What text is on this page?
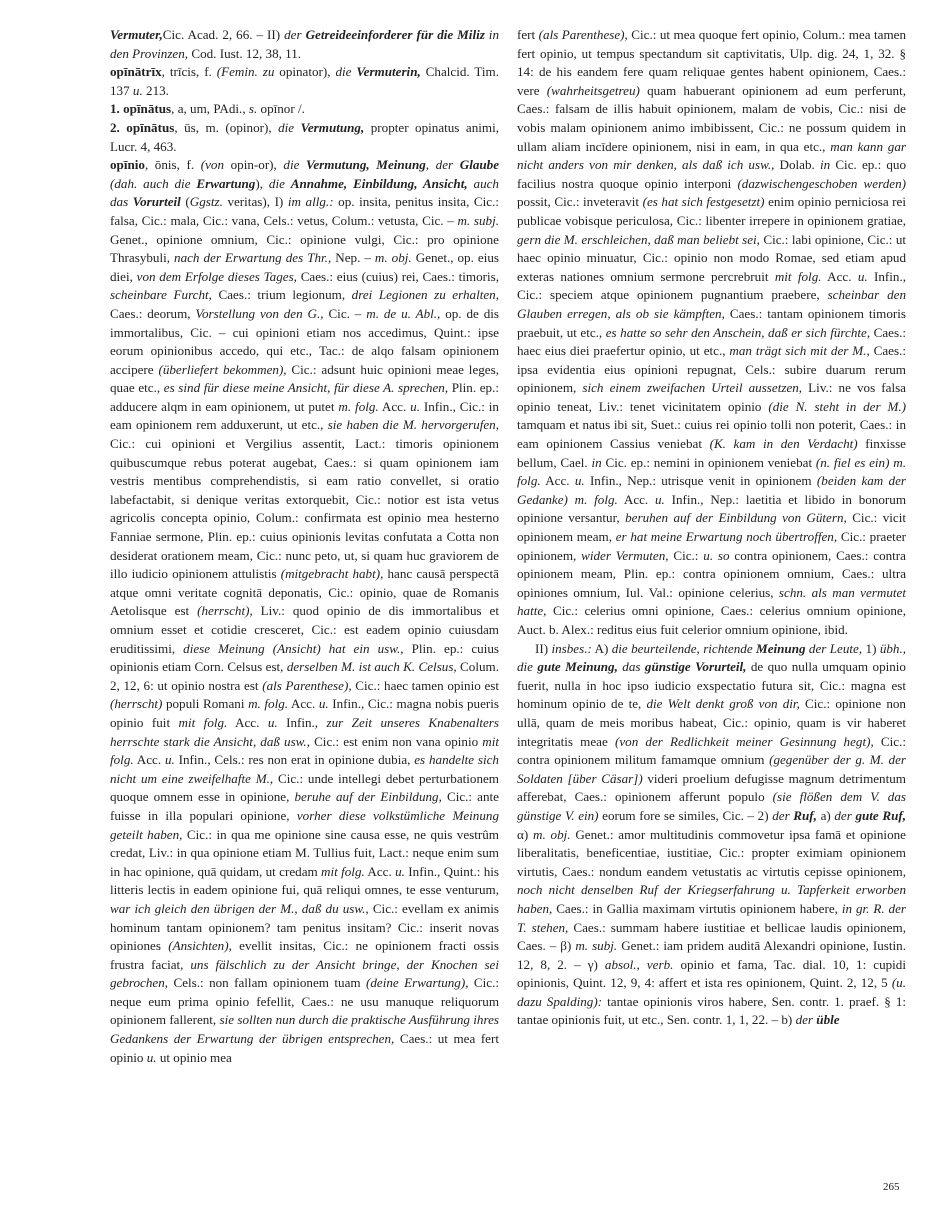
Vermuter,Cic. Acad. 2, 66. – II) der Getreideeinforderer für die Miliz in den Provinzen, Cod. Iust. 12, 38, 11.

opīnātrīx, trīcis, f. (Femin. zu opinator), die Vermuterin, Chalcid. Tim. 137 u. 213.

1. opīnātus, a, um, PAdi., s. opīnor /.

2. opīnātus, ūs, m. (opinor), die Vermutung, propter opinatus animi, Lucr. 4, 463.

opīnio, ōnis, f. (von opin-or), die Vermutung, Meinung, der Glaube (dah. auch die Erwartung), die Annahme, Einbildung, Ansicht, auch das Vorurteil (Ggstz. veritas), I) im allg.: op. insita, penitus insita, Cic.: falsa, Cic.: mala, Cic.: vana, Cels.: vetus, Colum.: vetusta, Cic. – m. subj. Genet., opinione omnium, Cic.: opinione vulgi, Cic.: pro opinione Thrasybuli, nach der Erwartung des Thr., Nep. – m. obj. Genet., op. eius diei, von dem Erfolge dieses Tages, Caes.: eius (cuius) rei, Caes.: timoris, scheinbare Furcht, Caes.: trium legionum, drei Legionen zu erhalten, Caes.: deorum, Vorstellung von den G., Cic. – m. de u. Abl., op. de dis immortalibus, Cic. – cui opinioni etiam nos accedimus, Quint.: ipse eorum opinionibus accedo, qui etc., Tac.: de alqo falsam opinionem accipere (überliefert bekommen), Cic.: adsunt huic opinioni meae leges, quae etc., es sind für diese meine Ansicht, für diese A. sprechen, Plin. ep.: adducere alqm in eam opinionem, ut putet m. folg. Acc. u. Infin., Cic.: in eam opinionem rem adduxerunt, ut etc., sie haben die M. hervorgerufen, Cic.: cui opinioni et Vergilius assentit, Lact.: timoris opinionem quibuscumque rebus poterat augebat, Caes.: si quam opinionem iam vestris mentibus comprehendistis, si eam ratio convellet, si oratio labefactabit, si denique veritas extorquebit, Cic.: notior est ista vetus agricolis concepta opinio, Colum.: confirmata est opinio mea hesterno Fanniae sermone, Plin. ep.: cuius opinionis levitas confutata a Cotta non desiderat orationem meam, Cic.: nunc peto, ut, si quam huc graviorem de illo iudicio opinionem attulistis (mitgebracht habt), hanc causā perspectā atque omni veritate cognitā deponatis, Cic.: opinio, quae de Romanis Aetolisque est (herrscht), Liv.: quod opinio de dis immortalibus et omnium esset et cotidie cresceret, Cic.: est eadem opinio cuiusdam eruditissimi, diese Meinung (Ansicht) hat ein usw., Plin. ep.: cuius opinionis etiam Corn. Celsus est, derselben M. ist auch K. Celsus, Colum. 2, 12, 6: ut opinio nostra est (als Parenthese), Cic.: haec tamen opinio est (herrscht) populi Romani m. folg. Acc. u. Infin., Cic.: magna nobis pueris opinio fuit mit folg. Acc. u. Infin., zur Zeit unseres Knabenalters herrschte stark die Ansicht, daß usw., Cic.: est enim non vana opinio mit folg. Acc. u. Infin., Cels.: res non erat in opinione dubia, es handelte sich nicht um eine zweifelhafte M., Cic.: unde intellegi debet perturbationem quoque omnem esse in opinione, beruhe auf der Einbildung, Cic.: ante fuisse in illa populari opinione, vorher diese volkstümliche Meinung geteilt haben, Cic.: in qua me opinione sine causa esse, ne quis vestrûm credat, Liv.: in qua opinione etiam M. Tullius fuit, Lact.: neque enim sum in hac opinione, quā quidam, ut credam mit folg. Acc. u. Infin., Quint.: his litteris lectis in eadem opinione fui, quā reliqui omnes, te esse venturum, war ich gleich den übrigen der M., daß du usw., Cic.: evellam ex animis hominum tantam opinionem? tam penitus insitam? Cic.: inserit novas opiniones (Ansichten), evellit insitas, Cic.: ne opinionem fracti ossis frustra faciat, uns fälschlich zu der Ansicht bringe, der Knochen sei gebrochen, Cels.: non fallam opinionem tuam (deine Erwartung), Cic.: neque eum prima opinio fefellit, Caes.: ne usu manuque reliquorum opinionem fallerent, sie sollten nun durch die praktische Ausführung ihres Gedankens der Erwartung der übrigen entsprechen, Caes.: ut mea fert opinio u. ut opinio mea

fert (als Parenthese), Cic.: ut mea quoque fert opinio, Colum.: mea tamen fert opinio, ut tempus spectandum sit captivitatis, Ulp. dig. 24, 1, 32. § 14: de his eandem fere quam reliquae gentes habent opinionem, Caes.: vere (wahrheitsgetreu) quam habuerant opinionem ad eum perferunt, Caes.: falsam de illis habuit opinionem, malam de vobis, Cic.: nisi de vobis malam opinionem animo imbibissent, Cic.: ne possum quidem in ullam aliam incīdere opinionem, nisi in eam, in qua etc., man kann gar nicht anders von mir denken, als daß ich usw., Dolab. in Cic. ep.: quo facilius nostra quoque opinio interponi (dazwischengeschoben werden) possit, Cic.: inveteravit (es hat sich festgesetzt) enim opinio perniciosa rei publicae vobisque periculosa, Cic.: libenter irrepere in opinionem gratiae, gern die M. erschleichen, daß man beliebt sei, Cic.: labi opinione, Cic.: ut haec opinio minuatur, Cic.: opinio non modo Romae, sed etiam apud exteras nationes omnium sermone percrebruit mit folg. Acc. u. Infin., Cic.: speciem atque opinionem pugnantium praebere, scheinbar den Glauben erregen, als ob sie kämpften, Caes.: tantam opinionem timoris praebuit, ut etc., es hatte so sehr den Anschein, daß er sich fürchte, Caes.: haec eius diei praefertur opinio, ut etc., man trägt sich mit der M., Caes.: ipsa evidentia eius opinioni repugnat, Cels.: subire duarum rerum opinionem, sich einem zweifachen Urteil aussetzen, Liv.: ne vos falsa opinio teneat, Liv.: tenet vicinitatem opinio (die N. steht in der M.) tamquam et natus ibi sit, Suet.: cuius rei opinio tolli non poterit, Caes.: in eam opinionem Cassius veniebat (K. kam in den Verdacht) finxisse bellum, Cael. in Cic. ep.: nemini in opinionem veniebat (n. fiel es ein) m. folg. Acc. u. Infin., Nep.: utrisque venit in opinionem (beiden kam der Gedanke) m. folg. Acc. u. Infin., Nep.: laetitia et libido in bonorum opinione versantur, beruhen auf der Einbildung von Gütern, Cic.: vicit opinionem meam, er hat meine Erwartung noch übertroffen, Cic.: praeter opinionem, wider Vermuten, Cic.: u. so contra opinionem, Caes.: contra opinionem meam, Plin. ep.: contra opinionem omnium, Caes.: ultra opiniones omnium, Iul. Val.: opinione celerius, schn. als man vermutet hatte, Cic.: celerius omni opinione, Caes.: celerius omnium opinione, Auct. b. Alex.: reditus eius fuit celerior omnium opinione, ibid.

II) insbes.: A) die beurteilende, richtende Meinung der Leute, 1) übh., die gute Meinung, das günstige Vorurteil, de quo nulla umquam opinio fuerit, nulla in hoc ipso iudicio exspectatio futura sit, Cic.: magna est hominum opinio de te, die Welt denkt groß von dir, Cic.: opinione non ullā, quam de meis moribus habeat, Cic.: opinio, quam is vir haberet integritatis meae (von der Redlichkeit meiner Gesinnung hegt), Cic.: contra opinionem militum famamque omnium (gegenüber der g. M. der Soldaten [über Cäsar]) videri proelium defugisse magnum detrimentum afferebat, Caes.: opinionem afferunt populo (sie flößen dem V. das günstige V. ein) eorum fore se similes, Cic. – 2) der Ruf, a) der gute Ruf, α) m. obj. Genet.: amor multitudinis commovetur ipsa famā et opinione liberalitatis, beneficentiae, iustitiae, Cic.: propter eximiam opinionem virtutis, Caes.: nondum eandem vetustatis ac virtutis cepisse opinionem, noch nicht denselben Ruf der Kriegserfahrung u. Tapferkeit erworben haben, Caes.: in Gallia maximam virtutis opinionem habere, in gr. R. der T. stehen, Caes.: summam habere iustitiae et bellicae laudis opinionem, Caes. – β) m. subj. Genet.: iam pridem auditā Alexandri opinione, Iustin. 12, 8, 2. – γ) absol., verb. opinio et fama, Tac. dial. 10, 1: cupidi opinionis, Quint. 12, 9, 4: affert et ista res opinionem, Quint. 2, 12, 5 (u. dazu Spalding): tantae opinionis viros habere, Sen. contr. 1. praef. § 1: tantae opinionis fuit, ut etc., Sen. contr. 1, 1, 22. – b) der üble

265
